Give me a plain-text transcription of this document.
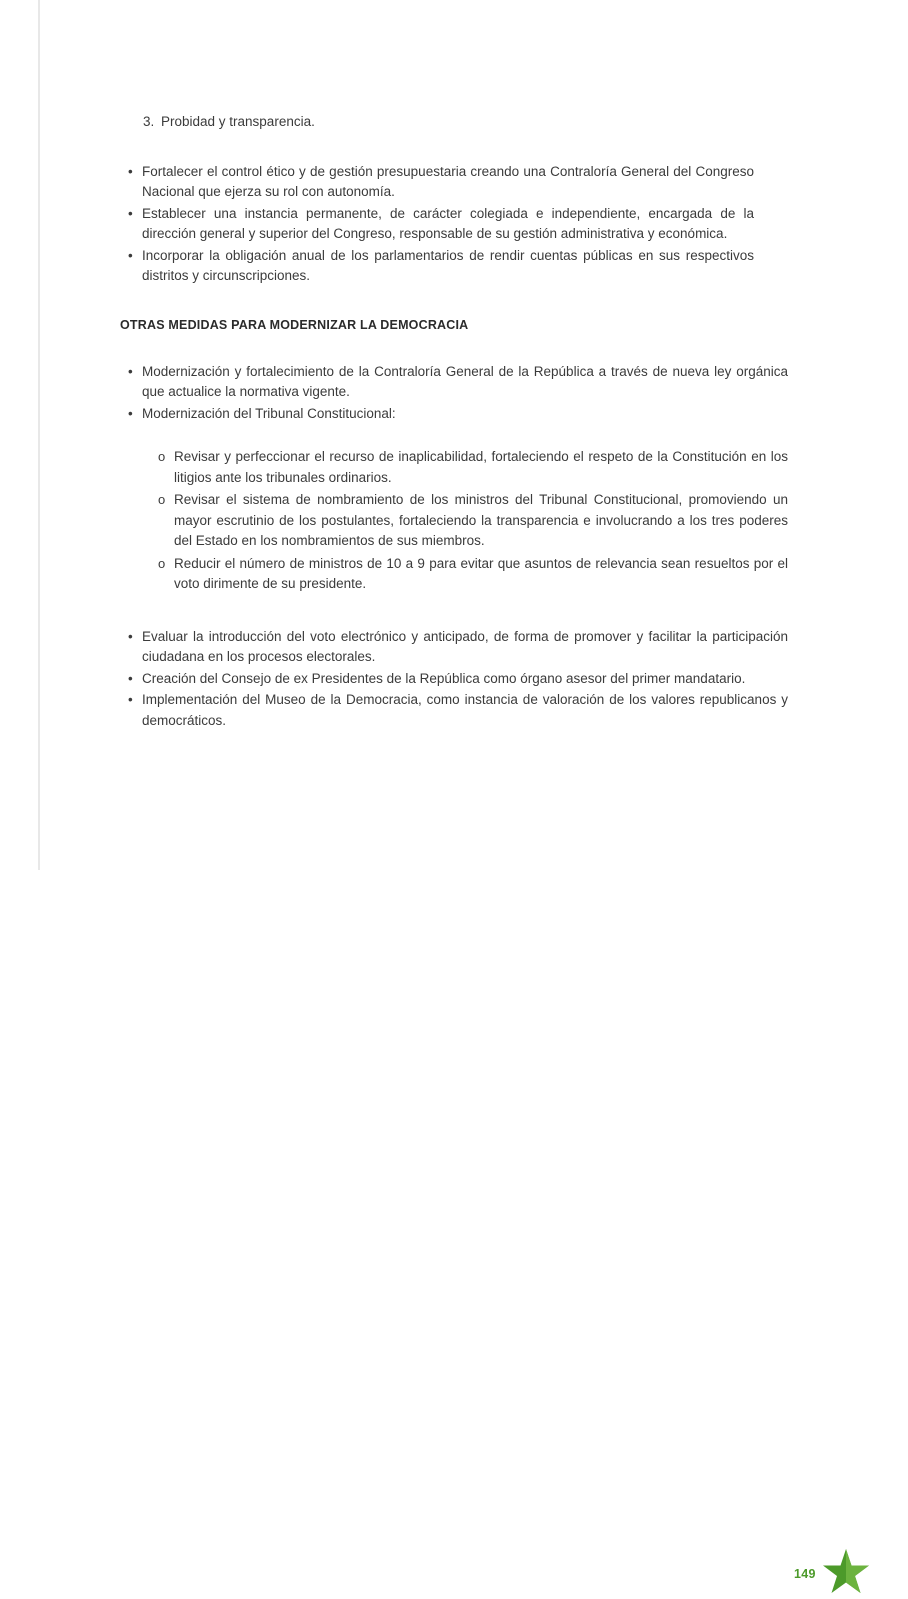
3. Probidad y transparencia.
• Fortalecer el control ético y de gestión presupuestaria creando una Contraloría General del Congreso Nacional que ejerza su rol con autonomía.
• Establecer una instancia permanente, de carácter colegiada e independiente, encargada de la dirección general y superior del Congreso, responsable de su gestión administrativa y económica.
• Incorporar la obligación anual de los parlamentarios de rendir cuentas públicas en sus respectivos distritos y circunscripciones.
OTRAS MEDIDAS PARA MODERNIZAR LA DEMOCRACIA
• Modernización y fortalecimiento de la Contraloría General de la República a través de nueva ley orgánica que actualice la normativa vigente.
• Modernización del Tribunal Constitucional:
o Revisar y perfeccionar el recurso de inaplicabilidad, fortaleciendo el respeto de la Constitución en los litigios ante los tribunales ordinarios.
o Revisar el sistema de nombramiento de los ministros del Tribunal Constitucional, promoviendo un mayor escrutinio de los postulantes, fortaleciendo la transparencia e involucrando a los tres poderes del Estado en los nombramientos de sus miembros.
o Reducir el número de ministros de 10 a 9 para evitar que asuntos de relevancia sean resueltos por el voto dirimente de su presidente.
• Evaluar la introducción del voto electrónico y anticipado, de forma de promover y facilitar la participación ciudadana en los procesos electorales.
• Creación del Consejo de ex Presidentes de la República como órgano asesor del primer mandatario.
• Implementación del Museo de la Democracia, como instancia de valoración de los valores republicanos y democráticos.
149
